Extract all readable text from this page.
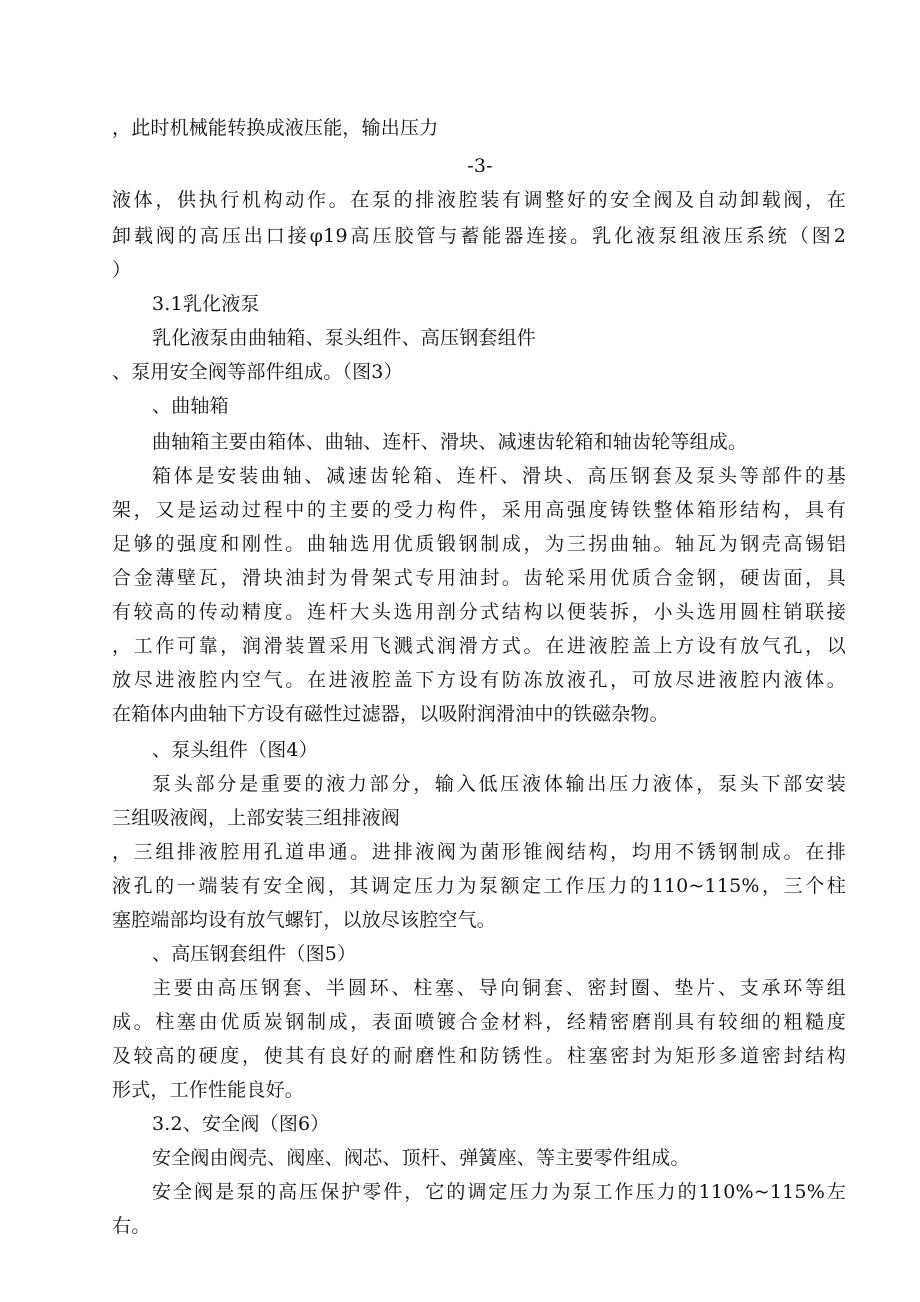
，此时机械能转换成液压能，输出压力
-3-
液体，供执行机构动作。在泵的排液腔装有调整好的安全阀及自动卸载阀，在
卸载阀的高压出口接φ19高压胶管与蓄能器连接。乳化液泵组液压系统（图2
）
3.1乳化液泵
乳化液泵由曲轴箱、泵头组件、高压钢套组件
、泵用安全阀等部件组成。（图3）
、曲轴箱
曲轴箱主要由箱体、曲轴、连杆、滑块、减速齿轮箱和轴齿轮等组成。
箱体是安装曲轴、减速齿轮箱、连杆、滑块、高压钢套及泵头等部件的基
架，又是运动过程中的主要的受力构件，采用高强度铸铁整体箱形结构，具有
足够的强度和刚性。曲轴选用优质锻钢制成，为三拐曲轴。轴瓦为钢壳高锡铝
合金薄壁瓦，滑块油封为骨架式专用油封。齿轮采用优质合金钢，硬齿面，具
有较高的传动精度。连杆大头选用剖分式结构以便装拆，小头选用圆柱销联接
，工作可靠，润滑装置采用飞溅式润滑方式。在进液腔盖上方设有放气孔，以
放尽进液腔内空气。在进液腔盖下方设有防冻放液孔，可放尽进液腔内液体。
在箱体内曲轴下方设有磁性过滤器，以吸附润滑油中的铁磁杂物。
、泵头组件（图4）
泵头部分是重要的液力部分，输入低压液体输出压力液体，泵头下部安装
三组吸液阀，上部安装三组排液阀
，三组排液腔用孔道串通。进排液阀为菌形锥阀结构，均用不锈钢制成。在排
液孔的一端装有安全阀，其调定压力为泵额定工作压力的110~115%，三个柱
塞腔端部均设有放气螺钉，以放尽该腔空气。
、高压钢套组件（图5）
主要由高压钢套、半圆环、柱塞、导向铜套、密封圈、垫片、支承环等组
成。柱塞由优质炭钢制成，表面喷镀合金材料，经精密磨削具有较细的粗糙度
及较高的硬度，使其有良好的耐磨性和防锈性。柱塞密封为矩形多道密封结构
形式，工作性能良好。
3.2、安全阀（图6）
安全阀由阀壳、阀座、阀芯、顶杆、弹簧座、等主要零件组成。
安全阀是泵的高压保护零件，它的调定压力为泵工作压力的110%~115%左
右。
